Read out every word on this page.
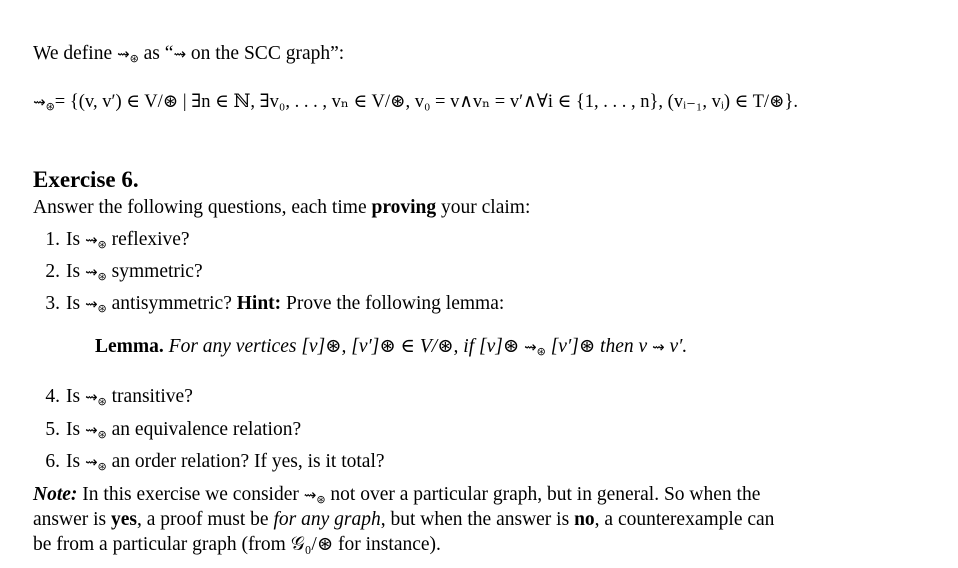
We define ⇝⊛ as “⇝ on the SCC graph”:
⇝⊛= {(v, v′) ∈ V/⊛ | ∃n ∈ ℕ, ∃v₀, . . . , vₙ ∈ V/⊛, v₀ = v∧vₙ = v′∧∀i ∈ {1, . . . , n}, (vᵢ₋₁, vᵢ) ∈ T/⊛}.
Exercise 6.
Answer the following questions, each time proving your claim:
1. Is ⇝⊛ reflexive?
2. Is ⇝⊛ symmetric?
3. Is ⇝⊛ antisymmetric? Hint: Prove the following lemma:
Lemma. For any vertices [v]⊛, [v′]⊛ ∈ V/⊛, if [v]⊛ ⇝⊛ [v′]⊛ then v ⇝ v′.
4. Is ⇝⊛ transitive?
5. Is ⇝⊛ an equivalence relation?
6. Is ⇝⊛ an order relation? If yes, is it total?
Note: In this exercise we consider ⇝⊛ not over a particular graph, but in general. So when the
answer is yes, a proof must be for any graph, but when the answer is no, a counterexample can
be from a particular graph (from 𝒢₀/⊛ for instance).
